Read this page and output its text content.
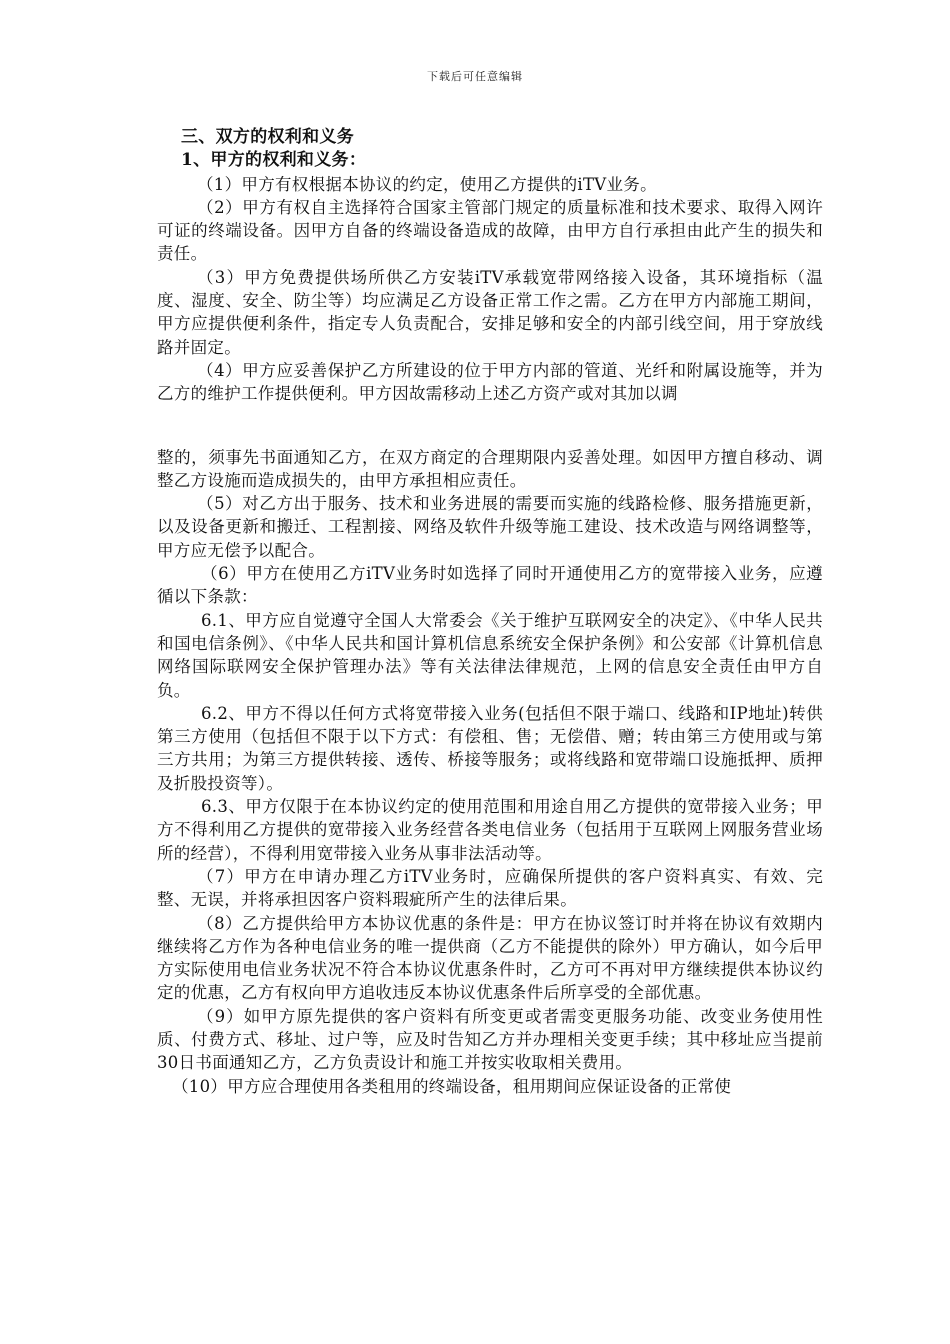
下载后可任意编辑

三、双方的权利和义务

1、甲方的权利和义务：

（1）甲方有权根据本协议的约定，使用乙方提供的iTV业务。

（2）甲方有权自主选择符合国家主管部门规定的质量标准和技术要求、取得入网许可证的终端设备。因甲方自备的终端设备造成的故障，由甲方自行承担由此产生的损失和责任。

（3）甲方免费提供场所供乙方安装iTV承载宽带网络接入设备，其环境指标（温度、湿度、安全、防尘等）均应满足乙方设备正常工作之需。乙方在甲方内部施工期间，甲方应提供便利条件，指定专人负责配合，安排足够和安全的内部引线空间，用于穿放线路并固定。

（4）甲方应妥善保护乙方所建设的位于甲方内部的管道、光纤和附属设施等，并为乙方的维护工作提供便利。甲方因故需移动上述乙方资产或对其加以调

整的，须事先书面通知乙方，在双方商定的合理期限内妥善处理。如因甲方擅自移动、调整乙方设施而造成损失的，由甲方承担相应责任。

（5）对乙方出于服务、技术和业务进展的需要而实施的线路检修、服务措施更新，以及设备更新和搬迁、工程割接、网络及软件升级等施工建设、技术改造与网络调整等，甲方应无偿予以配合。

（6）甲方在使用乙方iTV业务时如选择了同时开通使用乙方的宽带接入业务，应遵循以下条款：

6.1、甲方应自觉遵守全国人大常委会《关于维护互联网安全的决定》、《中华人民共和国电信条例》、《中华人民共和国计算机信息系统安全保护条例》和公安部《计算机信息网络国际联网安全保护管理办法》等有关法律法律规范，上网的信息安全责任由甲方自负。

6.2、甲方不得以任何方式将宽带接入业务(包括但不限于端口、线路和IP地址)转供第三方使用（包括但不限于以下方式：有偿租、售；无偿借、赠；转由第三方使用或与第三方共用；为第三方提供转接、透传、桥接等服务；或将线路和宽带端口设施抵押、质押及折股投资等）。

6.3、甲方仅限于在本协议约定的使用范围和用途自用乙方提供的宽带接入业务；甲方不得利用乙方提供的宽带接入业务经营各类电信业务（包括用于互联网上网服务营业场所的经营），不得利用宽带接入业务从事非法活动等。

（7）甲方在申请办理乙方iTV业务时，应确保所提供的客户资料真实、有效、完整、无误，并将承担因客户资料瑕疵所产生的法律后果。

（8）乙方提供给甲方本协议优惠的条件是：甲方在协议签订时并将在协议有效期内继续将乙方作为各种电信业务的唯一提供商（乙方不能提供的除外）甲方确认，如今后甲方实际使用电信业务状况不符合本协议优惠条件时，乙方可不再对甲方继续提供本协议约定的优惠，乙方有权向甲方追收违反本协议优惠条件后所享受的全部优惠。

（9）如甲方原先提供的客户资料有所变更或者需变更服务功能、改变业务使用性质、付费方式、移址、过户等，应及时告知乙方并办理相关变更手续；其中移址应当提前30日书面通知乙方，乙方负责设计和施工并按实收取相关费用。

（10）甲方应合理使用各类租用的终端设备，租用期间应保证设备的正常使
